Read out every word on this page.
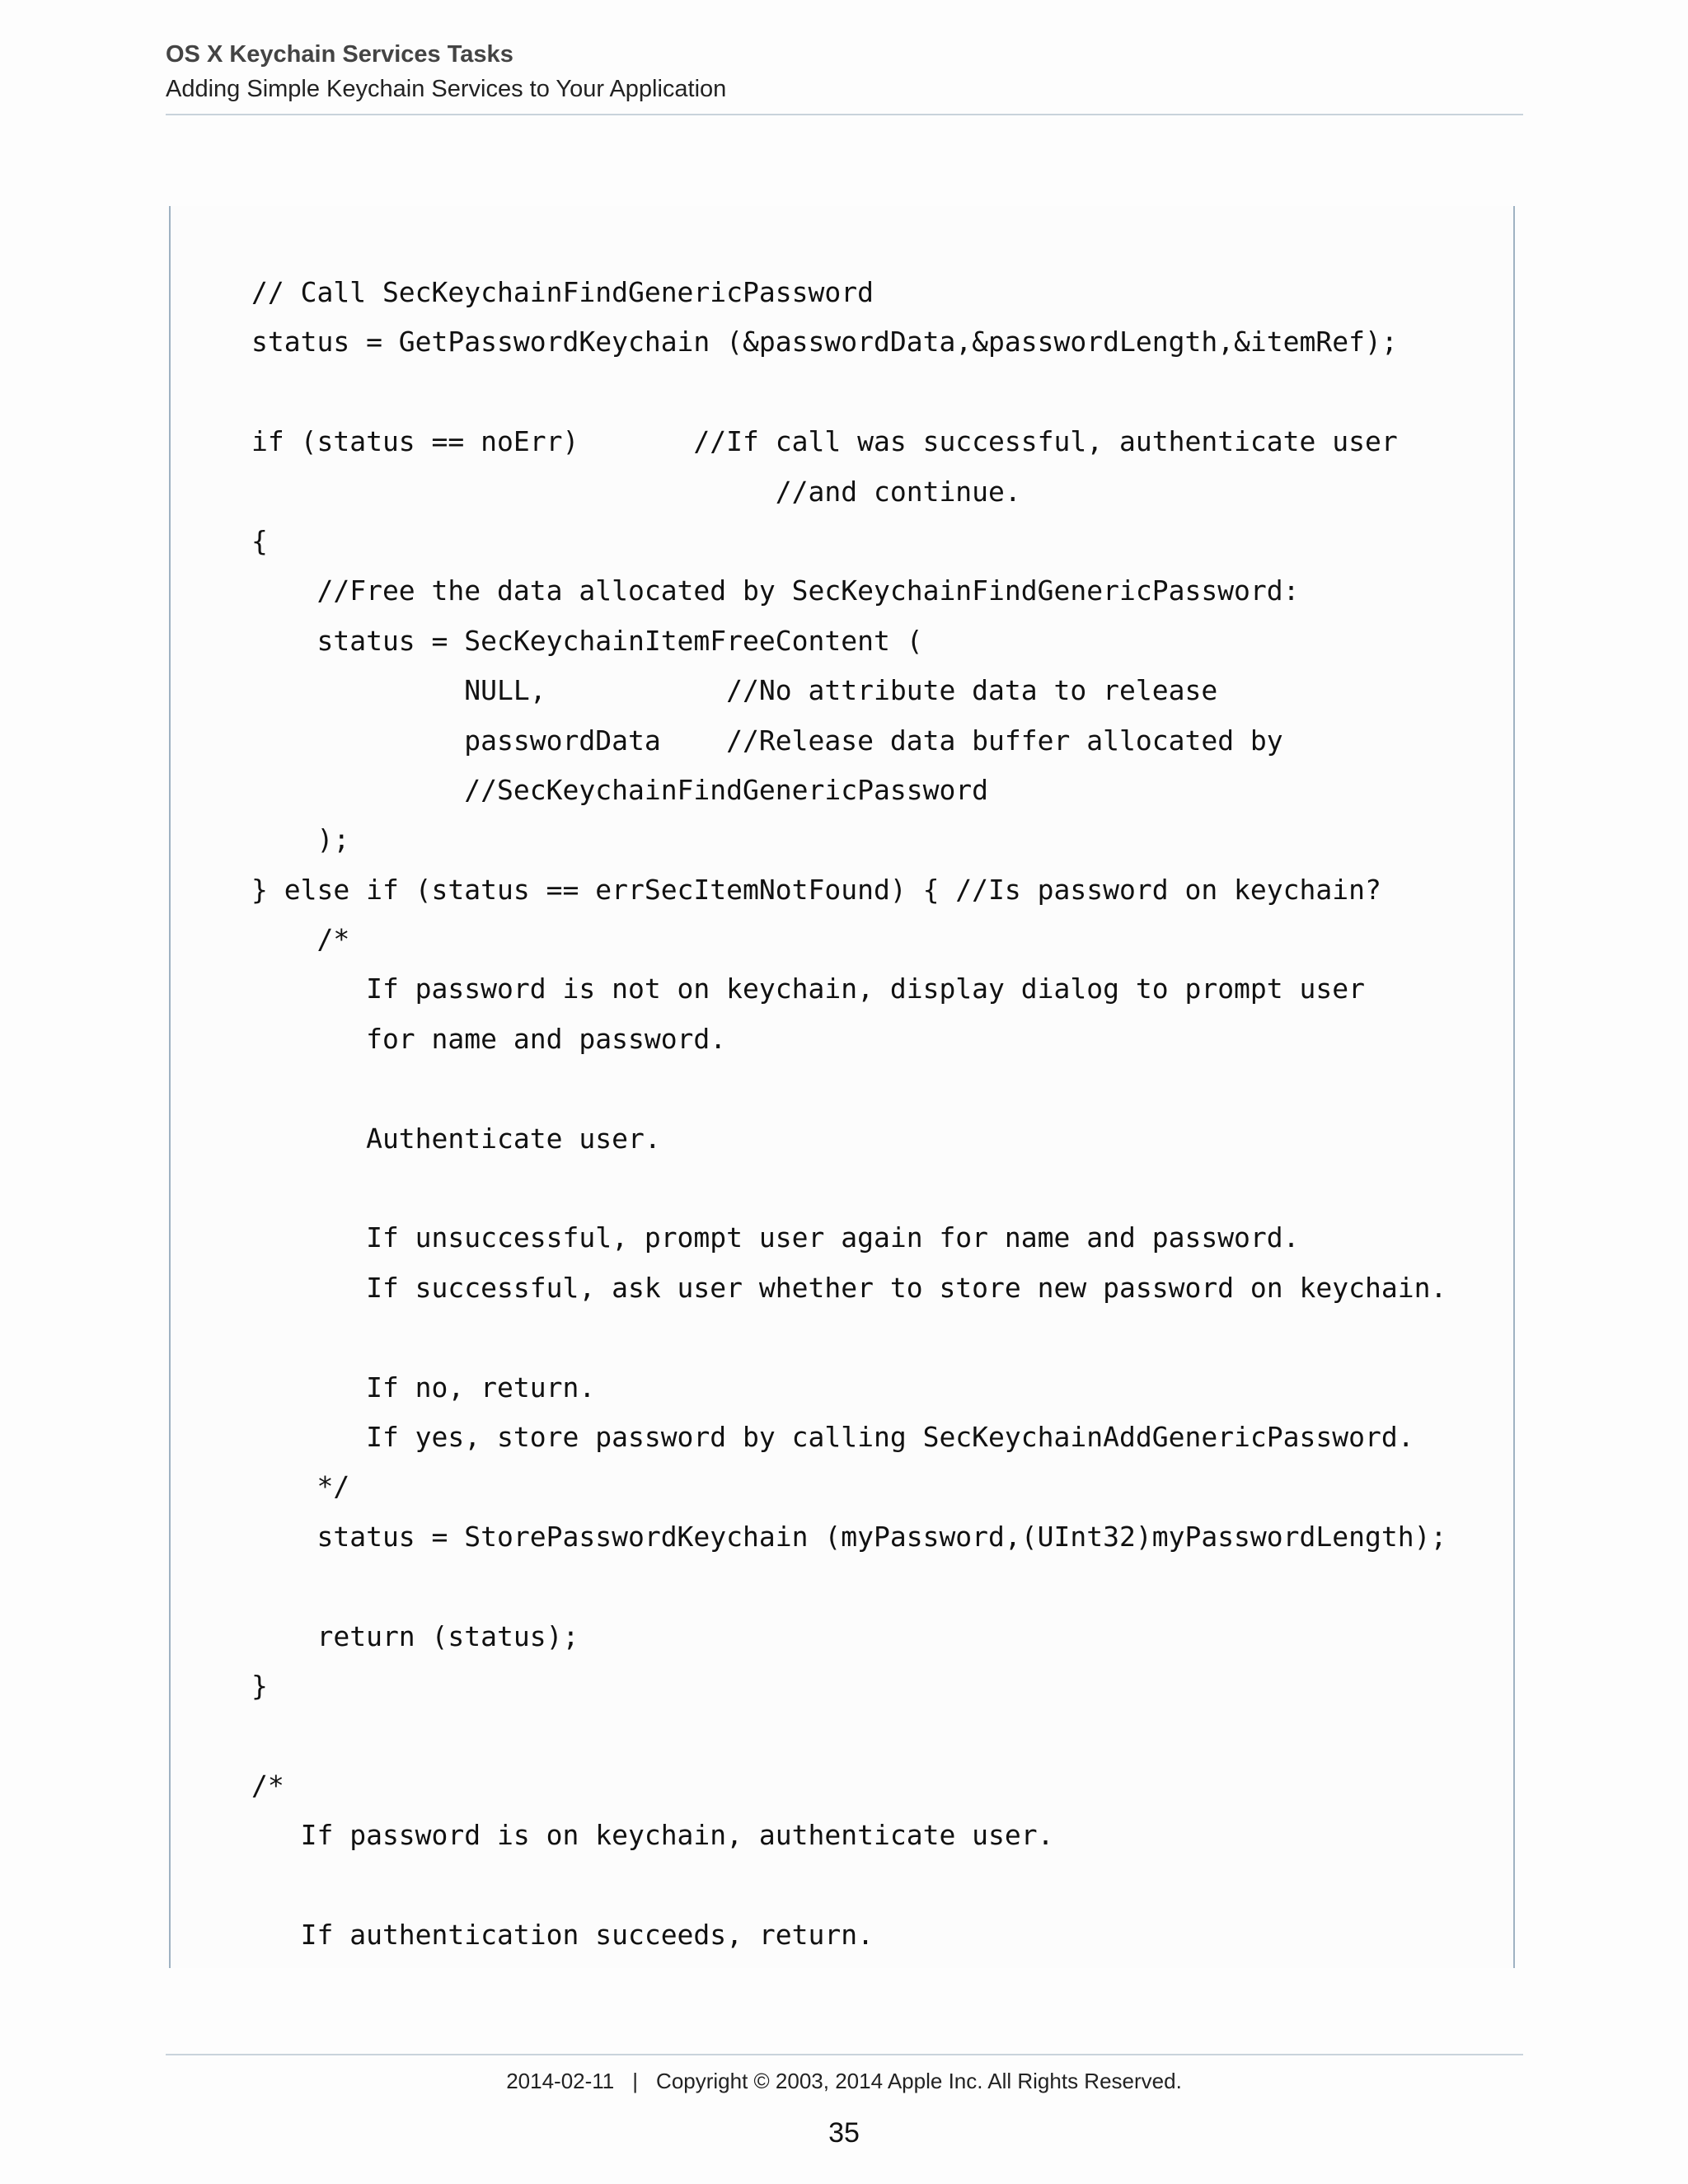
OS X Keychain Services Tasks
Adding Simple Keychain Services to Your Application
// Call SecKeychainFindGenericPassword
status = GetPasswordKeychain (&passwordData,&passwordLength,&itemRef);
if (status == noErr)       //If call was successful, authenticate user
//and continue.
{
//Free the data allocated by SecKeychainFindGenericPassword:
status = SecKeychainItemFreeContent (
NULL,           //No attribute data to release
passwordData    //Release data buffer allocated by
//SecKeychainFindGenericPassword
);
} else if (status == errSecItemNotFound) { //Is password on keychain?
/*
If password is not on keychain, display dialog to prompt user
for name and password.
Authenticate user.
If unsuccessful, prompt user again for name and password.
If successful, ask user whether to store new password on keychain.
If no, return.
If yes, store password by calling SecKeychainAddGenericPassword.
*/
status = StorePasswordKeychain (myPassword,(UInt32)myPasswordLength);
return (status);
}
/*
If password is on keychain, authenticate user.
If authentication succeeds, return.
2014-02-11 | Copyright © 2003, 2014 Apple Inc. All Rights Reserved.
35
